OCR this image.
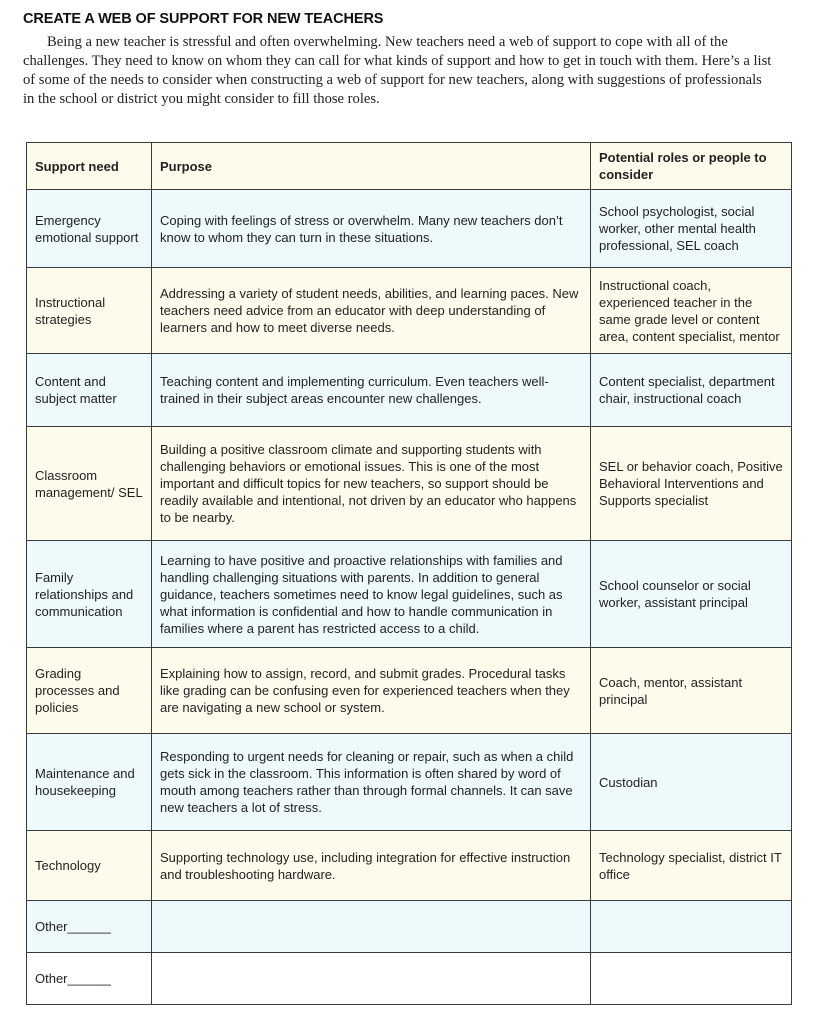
CREATE A WEB OF SUPPORT FOR NEW TEACHERS

Being a new teacher is stressful and often overwhelming. New teachers need a web of support to cope with all of the challenges. They need to know on whom they can call for what kinds of support and how to get in touch with them. Here’s a list of some of the needs to consider when constructing a web of support for new teachers, along with suggestions of professionals in the school or district you might consider to fill those roles.

Support need	Purpose	Potential roles or people to consider
Emergency emotional support	Coping with feelings of stress or overwhelm. Many new teachers don’t know to whom they can turn in these situations.	School psychologist, social worker, other mental health professional, SEL coach
Instructional strategies	Addressing a variety of student needs, abilities, and learning paces. New teachers need advice from an educator with deep understanding of learners and how to meet diverse needs.	Instructional coach, experienced teacher in the same grade level or content area, content specialist, mentor
Content and subject matter	Teaching content and implementing curriculum. Even teachers well-trained in their subject areas encounter new challenges.	Content specialist, department chair, instructional coach
Classroom management/ SEL	Building a positive classroom climate and supporting students with challenging behaviors or emotional issues. This is one of the most important and difficult topics for new teachers, so support should be readily available and intentional, not driven by an educator who happens to be nearby.	SEL or behavior coach, Positive Behavioral Interventions and Supports specialist
Family relationships and communication	Learning to have positive and proactive relationships with families and handling challenging situations with parents. In addition to general guidance, teachers sometimes need to know legal guidelines, such as what information is confidential and how to handle communication in families where a parent has restricted access to a child.	School counselor or social worker, assistant principal
Grading processes and policies	Explaining how to assign, record, and submit grades. Procedural tasks like grading can be confusing even for experienced teachers when they are navigating a new school or system.	Coach, mentor, assistant principal
Maintenance and housekeeping	Responding to urgent needs for cleaning or repair, such as when a child gets sick in the classroom. This information is often shared by word of mouth among teachers rather than through formal channels. It can save new teachers a lot of stress.	Custodian
Technology	Supporting technology use, including integration for effective instruction and troubleshooting hardware.	Technology specialist, district IT office
Other______		
Other______		
